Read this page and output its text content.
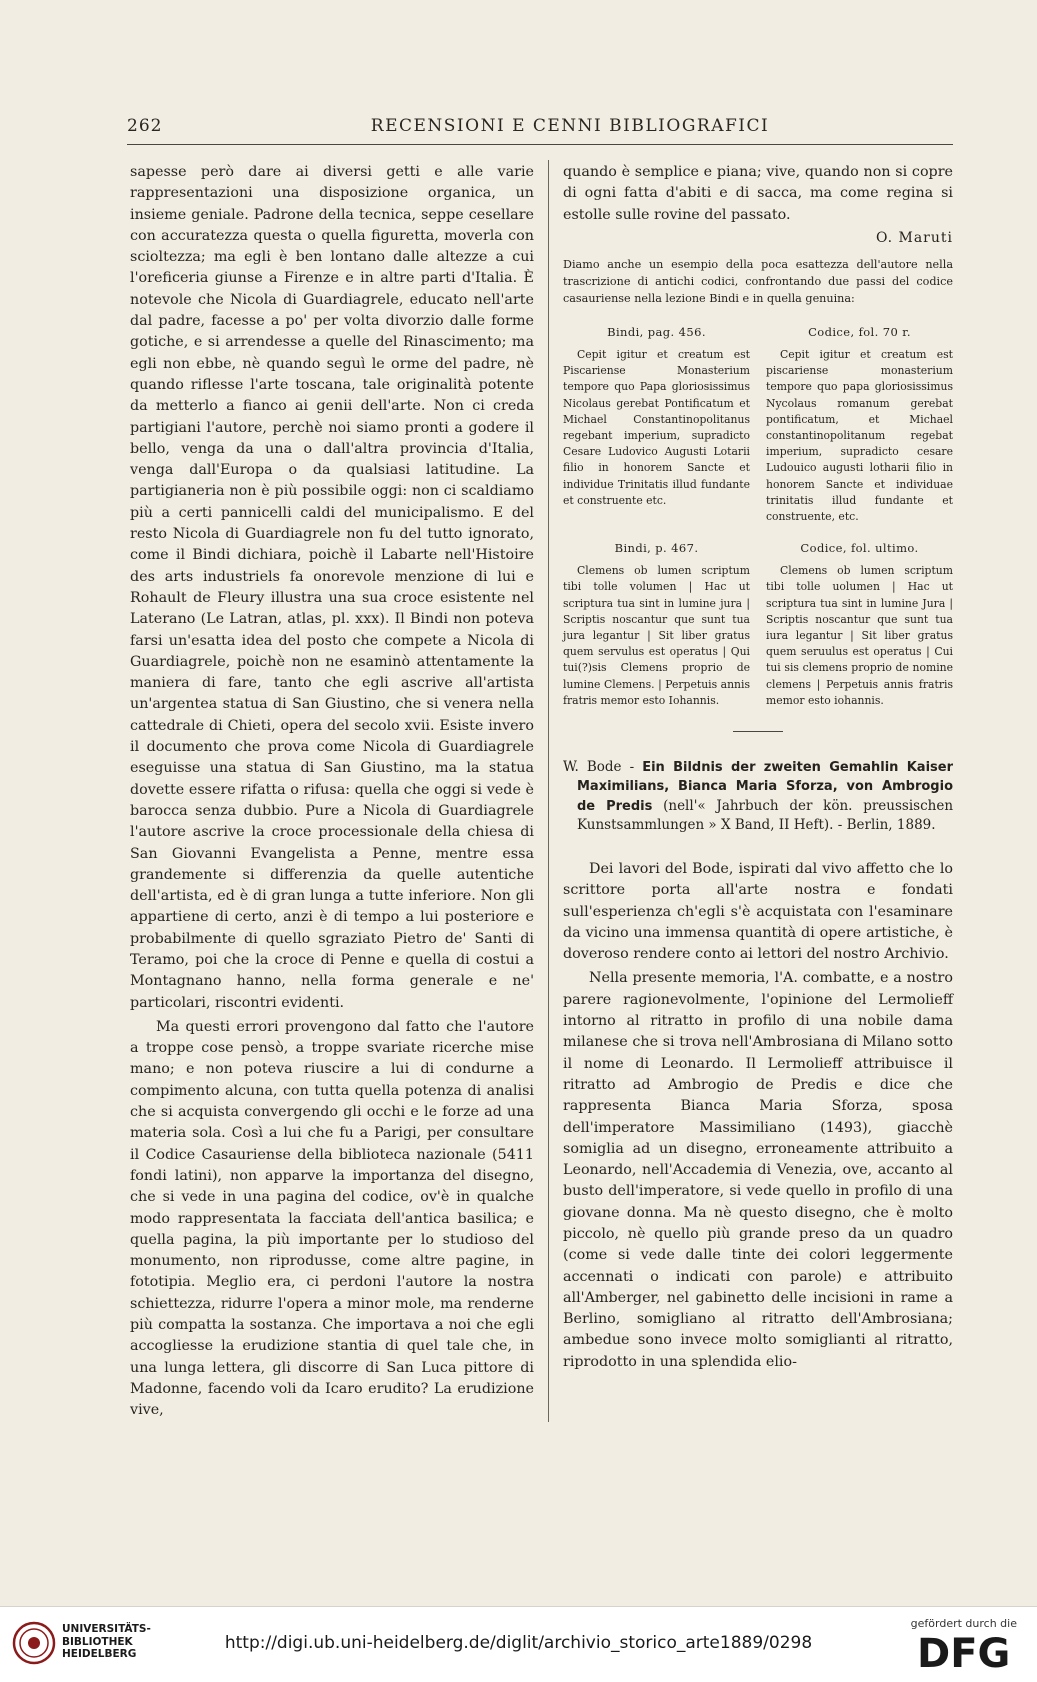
262	RECENSIONI E CENNI BIBLIOGRAFICI

sapesse però dare ai diversi getti e alle varie rappresentazioni una disposizione organica, un insieme geniale. Padrone della tecnica, seppe cesellare con accuratezza questa o quella figuretta, moverla con scioltezza; ma egli è ben lontano dalle altezze a cui l'oreficeria giunse a Firenze e in altre parti d'Italia. È notevole che Nicola di Guardiagrele, educato nell'arte dal padre, facesse a po' per volta divorzio dalle forme gotiche, e si arrendesse a quelle del Rinascimento; ma egli non ebbe, nè quando seguì le orme del padre, nè quando riflesse l'arte toscana, tale originalità potente da metterlo a fianco ai genii dell'arte. Non ci creda partigiani l'autore, perchè noi siamo pronti a godere il bello, venga da una o dall'altra provincia d'Italia, venga dall'Europa o da qualsiasi latitudine. La partigianeria non è più possibile oggi: non ci scaldiamo più a certi pannicelli caldi del municipalismo. E del resto Nicola di Guardiagrele non fu del tutto ignorato, come il Bindi dichiara, poichè il Labarte nell'Histoire des arts industriels fa onorevole menzione di lui e Rohault de Fleury illustra una sua croce esistente nel Laterano (Le Latran, atlas, pl. xxx). Il Bindi non poteva farsi un'esatta idea del posto che compete a Nicola di Guardiagrele, poichè non ne esaminò attentamente la maniera di fare, tanto che egli ascrive all'artista un'argentea statua di San Giustino, che si venera nella cattedrale di Chieti, opera del secolo xvii. Esiste invero il documento che prova come Nicola di Guardiagrele eseguisse una statua di San Giustino, ma la statua dovette essere rifatta o rifusa: quella che oggi si vede è barocca senza dubbio. Pure a Nicola di Guardiagrele l'autore ascrive la croce processionale della chiesa di San Giovanni Evangelista a Penne, mentre essa grandemente si differenzia da quelle autentiche dell'artista, ed è di gran lunga a tutte inferiore. Non gli appartiene di certo, anzi è di tempo a lui posteriore e probabilmente di quello sgraziato Pietro de' Santi di Teramo, poi che la croce di Penne e quella di costui a Montagnano hanno, nella forma generale e ne' particolari, riscontri evidenti.

Ma questi errori provengono dal fatto che l'autore a troppe cose pensò, a troppe svariate ricerche mise mano; e non poteva riuscire a lui di condurne a compimento alcuna, con tutta quella potenza di analisi che si acquista convergendo gli occhi e le forze ad una materia sola. Così a lui che fu a Parigi, per consultare il Codice Casauriense della biblioteca nazionale (5411 fondi latini), non apparve la importanza del disegno, che si vede in una pagina del codice, ov'è in qualche modo rappresentata la facciata dell'antica basilica; e quella pagina, la più importante per lo studioso del monumento, non riprodusse, come altre pagine, in fototipia. Meglio era, ci perdoni l'autore la nostra schiettezza, ridurre l'opera a minor mole, ma renderne più compatta la sostanza. Che importava a noi che egli accogliesse la erudizione stantia di quel tale che, in una lunga lettera, gli discorre di San Luca pittore di Madonne, facendo voli da Icaro erudito? La erudizione vive,

quando è semplice e piana; vive, quando non si copre di ogni fatta d'abiti e di sacca, ma come regina si estolle sulle rovine del passato.

O. Maruti

Diamo anche un esempio della poca esattezza dell'autore nella trascrizione di antichi codici, confrontando due passi del codice casauriense nella lezione Bindi e in quella genuina:

Bindi, pag. 456.

Cepit igitur et creatum est Piscariense Monasterium tempore quo Papa gloriosissimus Nicolaus gerebat Pontificatum et Michael Constantinopolitanus regebant imperium, supradicto Cesare Ludovico Augusti Lotarii filio in honorem Sancte et individue Trinitatis illud fundante et construente etc.

Codice, fol. 70 r.

Cepit igitur et creatum est piscariense monasterium tempore quo papa gloriosissimus Nycolaus romanum gerebat pontificatum, et Michael constantinopolitanum regebat imperium, supradicto cesare Ludouico augusti lotharii filio in honorem Sancte et individuae trinitatis illud fundante et construente, etc.

Bindi, p. 467.

Clemens ob lumen scriptum tibi tolle volumen | Hac ut scriptura tua sint in lumine jura | Scriptis noscantur que sunt tua jura legantur | Sit liber gratus quem servulus est operatus | Qui tui(?)sis Clemens proprio de lumine Clemens. | Perpetuis annis fratris memor esto Iohannis.

Codice, fol. ultimo.

Clemens ob lumen scriptum tibi tolle uolumen | Hac ut scriptura tua sint in lumine Jura | Scriptis noscantur que sunt tua iura legantur | Sit liber gratus quem seruulus est operatus | Cui tui sis clemens proprio de nomine clemens | Perpetuis annis fratris memor esto iohannis.

W. Bode - Ein Bildnis der zweiten Gemahlin Kaiser Maximilians, Bianca Maria Sforza, von Ambrogio de Predis (nell'« Jahrbuch der kön. preussischen Kunstsammlungen » X Band, II Heft). - Berlin, 1889.

Dei lavori del Bode, ispirati dal vivo affetto che lo scrittore porta all'arte nostra e fondati sull'esperienza ch'egli s'è acquistata con l'esaminare da vicino una immensa quantità di opere artistiche, è doveroso rendere conto ai lettori del nostro Archivio.

Nella presente memoria, l'A. combatte, e a nostro parere ragionevolmente, l'opinione del Lermolieff intorno al ritratto in profilo di una nobile dama milanese che si trova nell'Ambrosiana di Milano sotto il nome di Leonardo. Il Lermolieff attribuisce il ritratto ad Ambrogio de Predis e dice che rappresenta Bianca Maria Sforza, sposa dell'imperatore Massimiliano (1493), giacchè somiglia ad un disegno, erroneamente attribuito a Leonardo, nell'Accademia di Venezia, ove, accanto al busto dell'imperatore, si vede quello in profilo di una giovane donna. Ma nè questo disegno, che è molto piccolo, nè quello più grande preso da un quadro (come si vede dalle tinte dei colori leggermente accennati o indicati con parole) e attribuito all'Amberger, nel gabinetto delle incisioni in rame a Berlino, somigliano al ritratto dell'Ambrosiana; ambedue sono invece molto somiglianti al ritratto, riprodotto in una splendida elio-

UNIVERSITÄTS-
BIBLIOTHEK
HEIDELBERG
http://digi.ub.uni-heidelberg.de/diglit/archivio_storico_arte1889/0298
gefördert durch die
DFG
